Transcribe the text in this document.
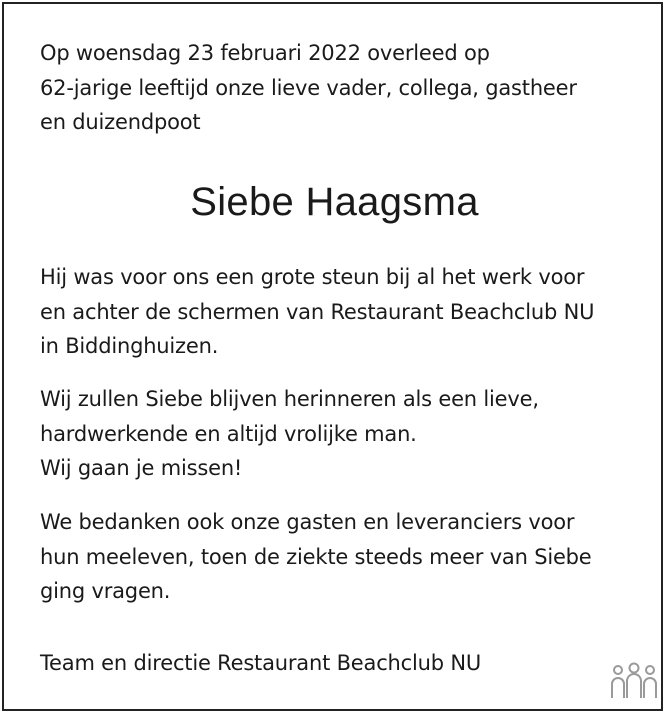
Op woensdag 23 februari 2022 overleed op
62-jarige leeftijd onze lieve vader, collega, gastheer
en duizendpoot

Siebe Haagsma

Hij was voor ons een grote steun bij al het werk voor
en achter de schermen van Restaurant Beachclub NU
in Biddinghuizen.

Wij zullen Siebe blijven herinneren als een lieve,
hardwerkende en altijd vrolijke man.
Wij gaan je missen!

We bedanken ook onze gasten en leveranciers voor
hun meeleven, toen de ziekte steeds meer van Siebe
ging vragen.

Team en directie Restaurant Beachclub NU
